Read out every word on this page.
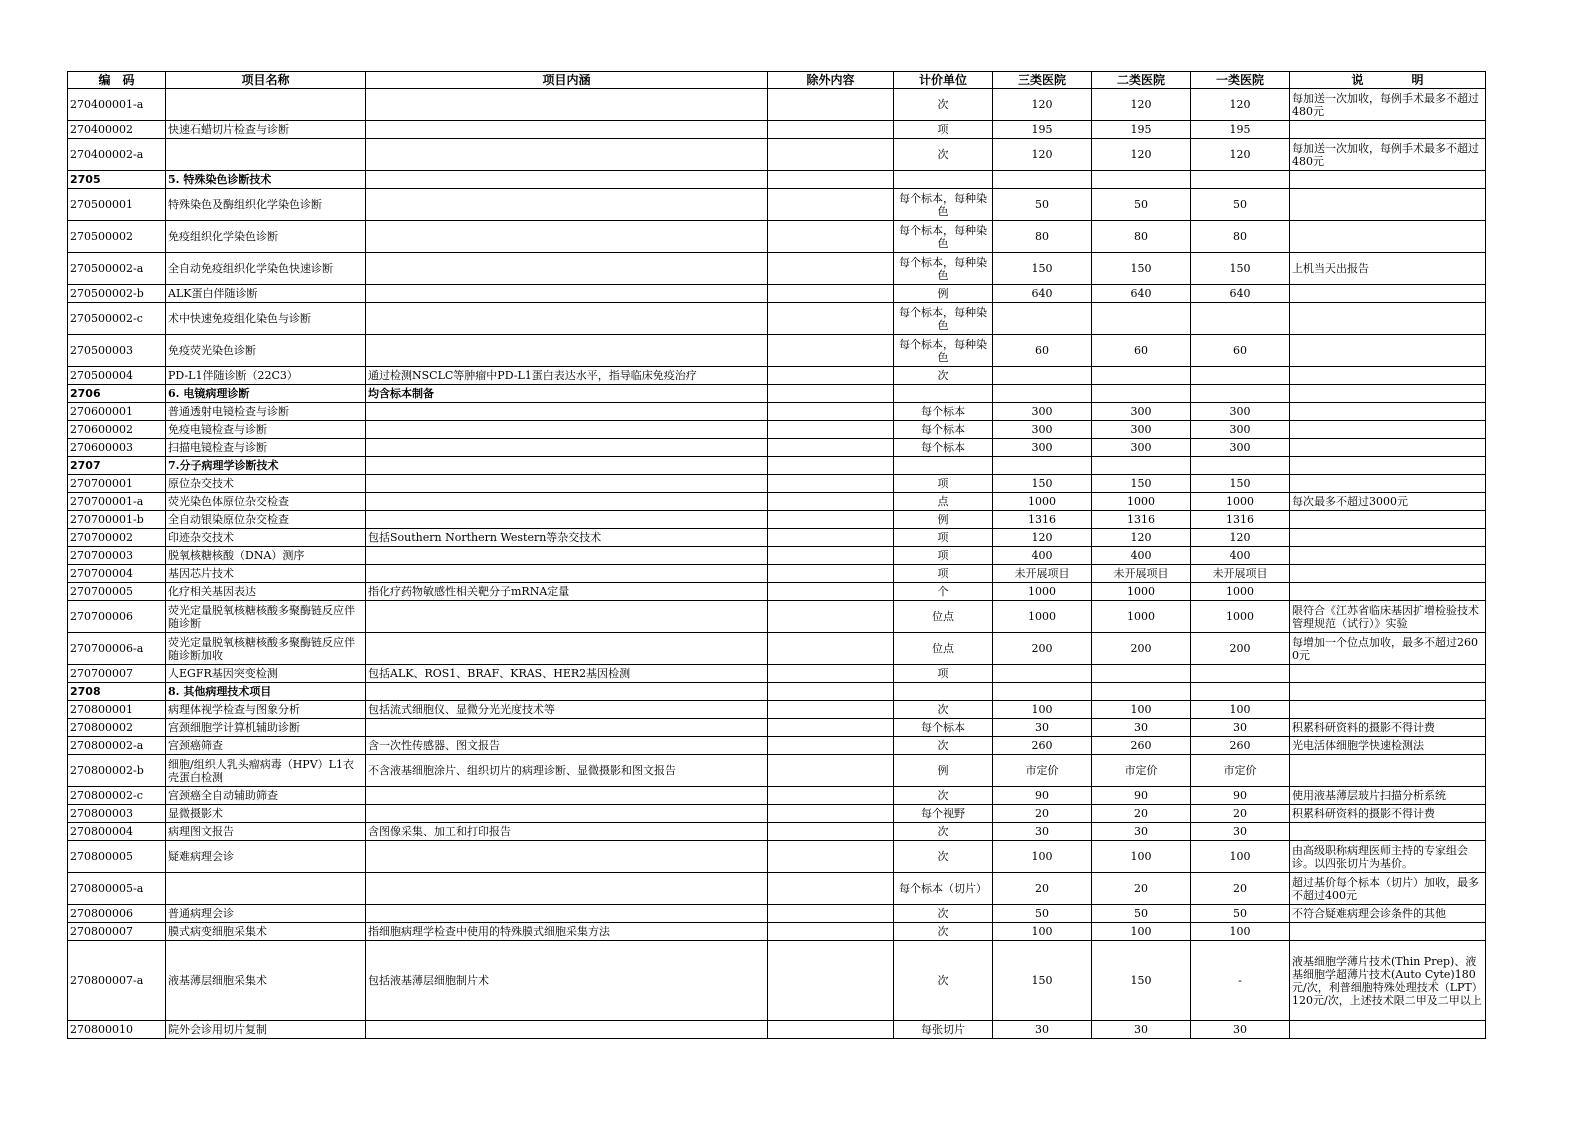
编　码	项目名称	项目内涵	除外内容	计价单位	三类医院	二类医院	一类医院	说　　　　明

270400001-a				次	120	120	120	每加送一次加收，每例手术最多不超过480元

270400002	快速石蜡切片检查与诊断			项	195	195	195	

270400002-a				次	120	120	120	每加送一次加收，每例手术最多不超过480元

2705	5. 特殊染色诊断技术							

270500001	特殊染色及酶组织化学染色诊断			每个标本，每种染色	50	50	50	

270500002	免疫组织化学染色诊断			每个标本，每种染色	80	80	80	

270500002-a	全自动免疫组织化学染色快速诊断			每个标本，每种染色	150	150	150	上机当天出报告

270500002-b	ALK蛋白伴随诊断			例	640	640	640	

270500002-c	术中快速免疫组化染色与诊断			每个标本，每种染色				

270500003	免疫荧光染色诊断			每个标本，每种染色	60	60	60	

270500004	PD-L1伴随诊断（22C3）	通过检测NSCLC等肿瘤中PD-L1蛋白表达水平，指导临床免疫治疗		次				

2706	6. 电镜病理诊断	均含标本制备						

270600001	普通透射电镜检查与诊断			每个标本	300	300	300	

270600002	免疫电镜检查与诊断			每个标本	300	300	300	

270600003	扫描电镜检查与诊断			每个标本	300	300	300	

2707	7.分子病理学诊断技术							

270700001	原位杂交技术			项	150	150	150	

270700001-a	荧光染色体原位杂交检查			点	1000	1000	1000	每次最多不超过3000元

270700001-b	全自动银染原位杂交检查			例	1316	1316	1316	

270700002	印迹杂交技术	包括Southern Northern Western等杂交技术		项	120	120	120	

270700003	脱氧核糖核酸（DNA）测序			项	400	400	400	

270700004	基因芯片技术			项	未开展项目	未开展项目	未开展项目	

270700005	化疗相关基因表达	指化疗药物敏感性相关靶分子mRNA定量		个	1000	1000	1000	

270700006	荧光定量脱氧核糖核酸多聚酶链反应伴随诊断			位点	1000	1000	1000	限符合《江苏省临床基因扩增检验技术管理规范（试行）》实验

270700006-a	荧光定量脱氧核糖核酸多聚酶链反应伴随诊断加收			位点	200	200	200	每增加一个位点加收，最多不超过2600元

270700007	人EGFR基因突变检测	包括ALK、ROS1、BRAF、KRAS、HER2基因检测		项				

2708	8. 其他病理技术项目							

270800001	病理体视学检查与图象分析	包括流式细胞仪、显微分光光度技术等		次	100	100	100	

270800002	宫颈细胞学计算机辅助诊断			每个标本	30	30	30	积累科研资料的摄影不得计费

270800002-a	宫颈癌筛查	含一次性传感器、图文报告		次	260	260	260	光电活体细胞学快速检测法

270800002-b	细胞/组织人乳头瘤病毒（HPV）L1衣壳蛋白检测	不含液基细胞涂片、组织切片的病理诊断、显微摄影和图文报告		例	市定价	市定价	市定价	

270800002-c	宫颈癌全自动辅助筛查			次	90	90	90	使用液基薄层玻片扫描分析系统

270800003	显微摄影术			每个视野	20	20	20	积累科研资料的摄影不得计费

270800004	病理图文报告	含图像采集、加工和打印报告		次	30	30	30	

270800005	疑难病理会诊			次	100	100	100	由高级职称病理医师主持的专家组会诊。以四张切片为基价。

270800005-a				每个标本（切片）	20	20	20	超过基价每个标本（切片）加收，最多不超过400元

270800006	普通病理会诊			次	50	50	50	不符合疑难病理会诊条件的其他

270800007	膜式病变细胞采集术	指细胞病理学检查中使用的特殊膜式细胞采集方法		次	100	100	100	

270800007-a	液基薄层细胞采集术	包括液基薄层细胞制片术		次	150	150	-	液基细胞学薄片技术(Thin Prep)、液基细胞学超薄片技术(Auto Cyte)180元/次，利普细胞特殊处理技术（LPT）120元/次，上述技术限二甲及二甲以上

270800010	院外会诊用切片复制			每张切片	30	30	30	
